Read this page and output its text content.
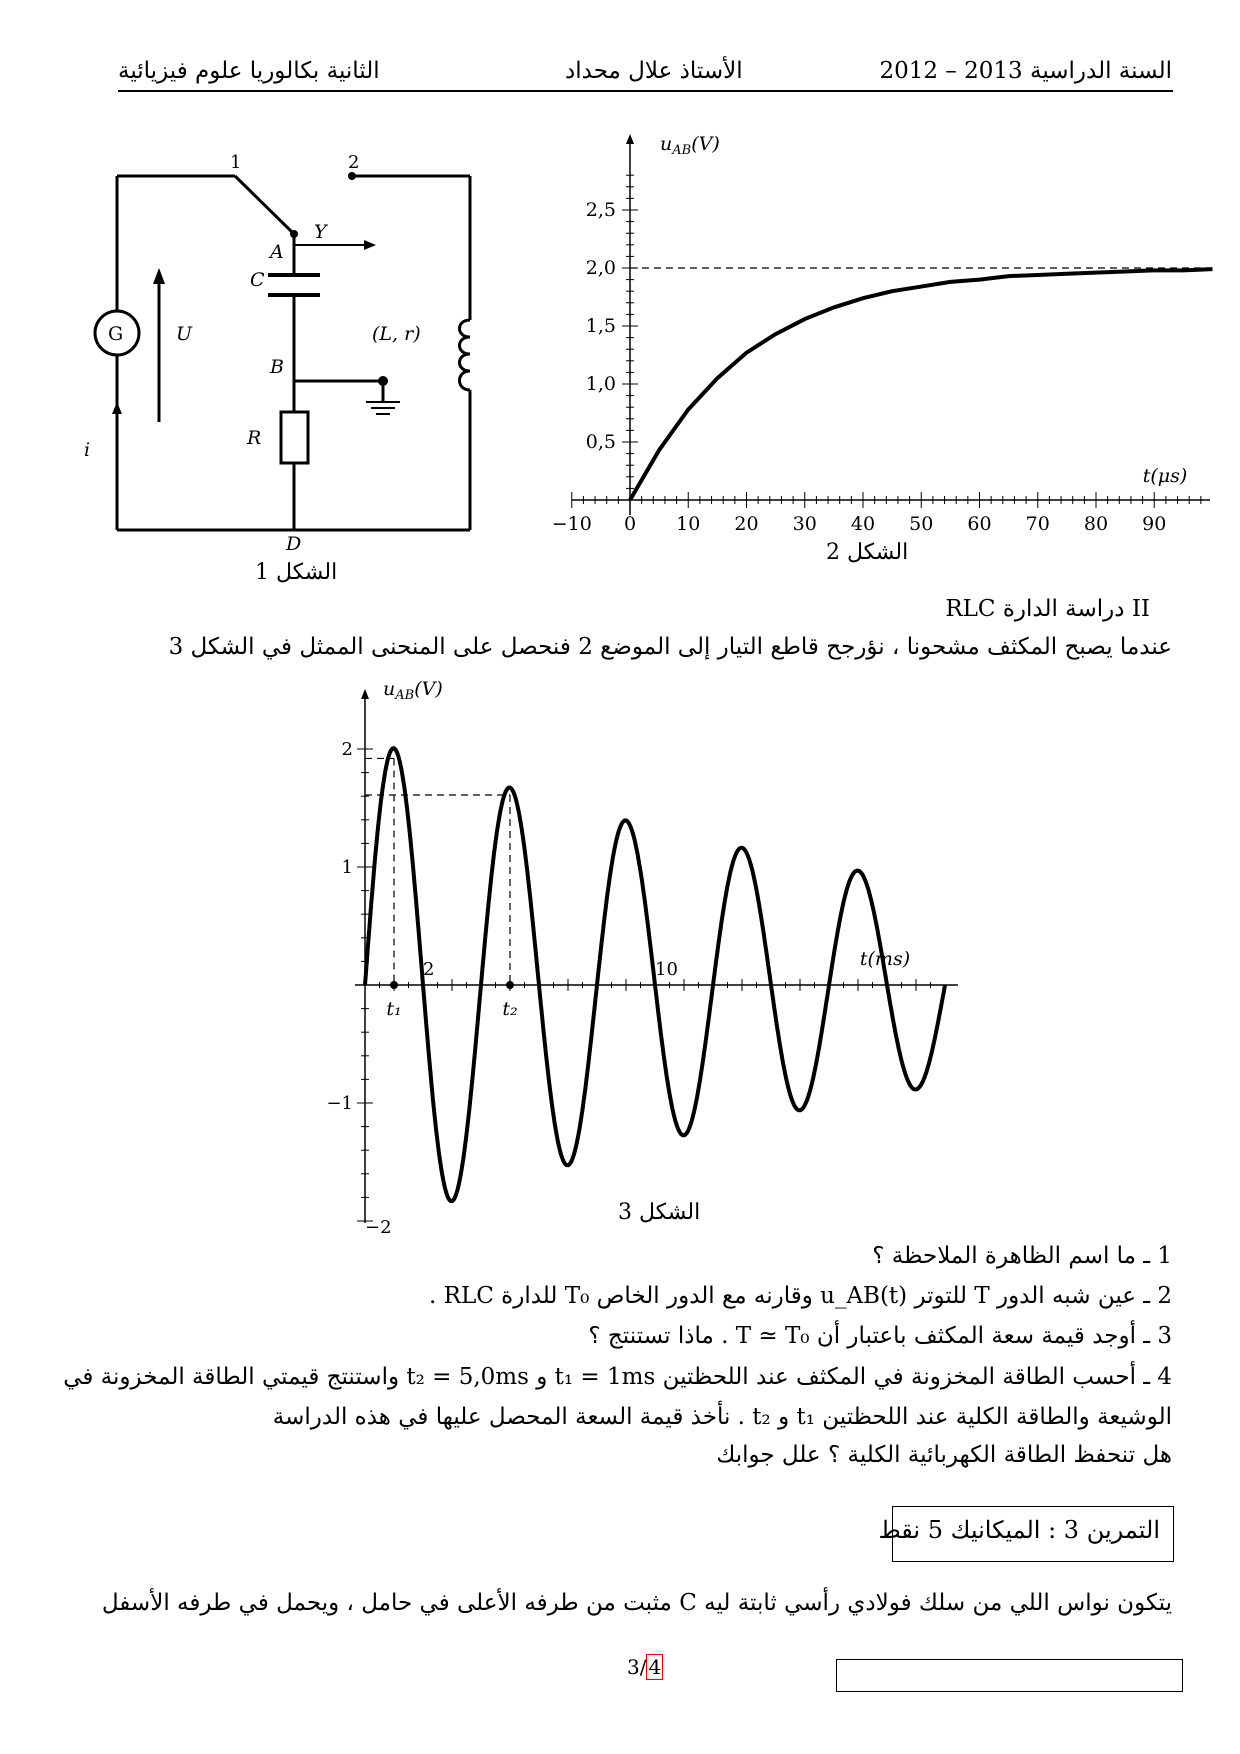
السنة الدراسية 2013 – 2012
الأستاذ علال محداد
الثانية بكالوريا علوم فيزيائية
1	2
Y
A
C
G	U	(L, r)
B
R
i
D
الشكل 1
−10 0 10 20 30 40 50 60 70 80 90
0,5
1,0
1,5
2,0
2,5
$u_{AB}(V)$
t(μs)
الشكل 2
II دراسة الدارة RLC
عندما يصبح المكثف مشحونا ، نؤرجح قاطع التيار إلى الموضع 2 فنحصل على المنحنى الممثل في الشكل 3
2	10
2
1
−1
−2
t₁	t₂
$u_{AB}(V)$
t(ms)
الشكل 3
1 ـ ما اسم الظاهرة الملاحظة ؟
2 ـ عين شبه الدور T للتوتر u_AB(t) وقارنه مع الدور الخاص T₀ للدارة RLC .
3 ـ أوجد قيمة سعة المكثف باعتبار أن T ≃ T₀ . ماذا تستنتج ؟
4 ـ أحسب الطاقة المخزونة في المكثف عند اللحظتين t₁ = 1ms و t₂ = 5,0ms واستنتج قيمتي الطاقة المخزونة في
الوشيعة والطاقة الكلية عند اللحظتين t₁ و t₂ . نأخذ قيمة السعة المحصل عليها في هذه الدراسة
هل تنحفظ الطاقة الكهربائية الكلية ؟ علل جوابك
التمرين 3 : الميكانيك 5 نقط
يتكون نواس اللي من سلك فولادي رأسي ثابتة ليه C مثبت من طرفه الأعلى في حامل ، ويحمل في طرفه الأسفل
3/ 4
